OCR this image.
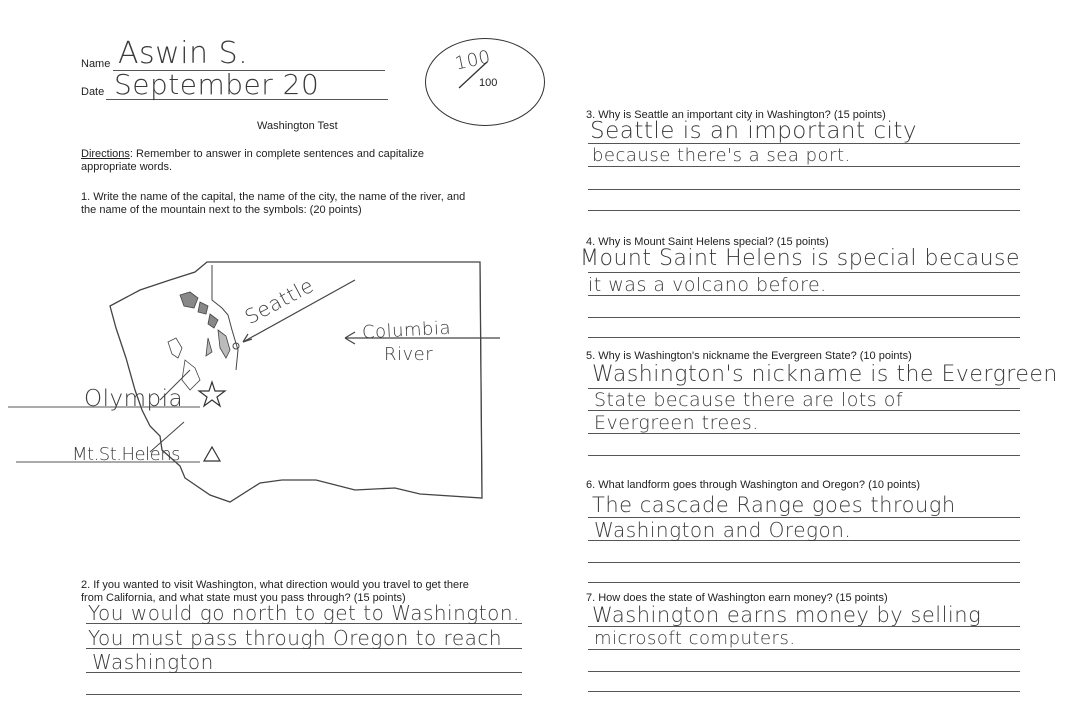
Name Aswin S.
Date September 20
100
100
Washington Test
Directions: Remember to answer in complete sentences and capitalize
appropriate words.
1. Write the name of the capital, the name of the city, the name of the river, and
the name of the mountain next to the symbols: (20 points)
Seattle
Columbia
River
Olympia
Mt.St.Helens
2. If you wanted to visit Washington, what direction would you travel to get there
from California, and what state must you pass through? (15 points)
You would go north to get to Washington.
You must pass through Oregon to reach
Washington
3. Why is Seattle an important city in Washington? (15 points)
Seattle is an important city
because there's a sea port.
4. Why is Mount Saint Helens special? (15 points)
Mount Saint Helens is special because
it was a volcano before.
5. Why is Washington's nickname the Evergreen State? (10 points)
Washington's nickname is the Evergreen
State because there are lots of
Evergreen trees.
6. What landform goes through Washington and Oregon? (10 points)
The cascade Range goes through
Washington and Oregon.
7. How does the state of Washington earn money? (15 points)
Washington earns money by selling
microsoft computers.
